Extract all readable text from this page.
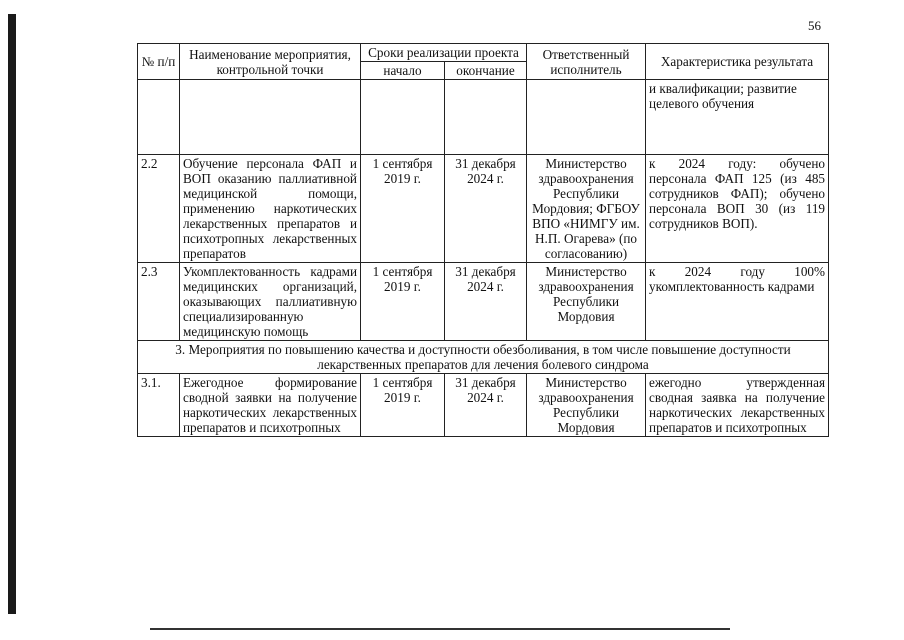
56
№ п/п	Наименование мероприятия, контрольной точки	Сроки реализации проекта		Ответственный исполнитель	Характеристика результата
		начало	окончание		
					и квалификации; развитие целевого обучения
2.2	Обучение персонала ФАП и ВОП оказанию паллиативной медицинской помощи, применению наркотических лекарственных препаратов и психотропных лекарственных препаратов	1 сентября 2019 г.	31 декабря 2024 г.	Министерство здравоохранения Республики Мордовия; ФГБОУ ВПО «НИМГУ им. Н.П. Огарева» (по согласованию)	к 2024 году: обучено персонала ФАП 125 (из 485 сотрудников ФАП); обучено персонала ВОП 30 (из 119 сотрудников ВОП).
2.3	Укомплектованность кадрами медицинских организаций, оказывающих паллиативную специализированную медицинскую помощь	1 сентября 2019 г.	31 декабря 2024 г.	Министерство здравоохранения Республики Мордовия	к 2024 году 100% укомплектованность кадрами
3. Мероприятия по повышению качества и доступности обезболивания, в том числе повышение доступности лекарственных препаратов для лечения болевого синдрома					
3.1.	Ежегодное формирование сводной заявки на получение наркотических лекарственных препаратов и психотропных	1 сентября 2019 г.	31 декабря 2024 г.	Министерство здравоохранения Республики Мордовия	ежегодно утвержденная сводная заявка на получение наркотических лекарственных препаратов и психотропных
